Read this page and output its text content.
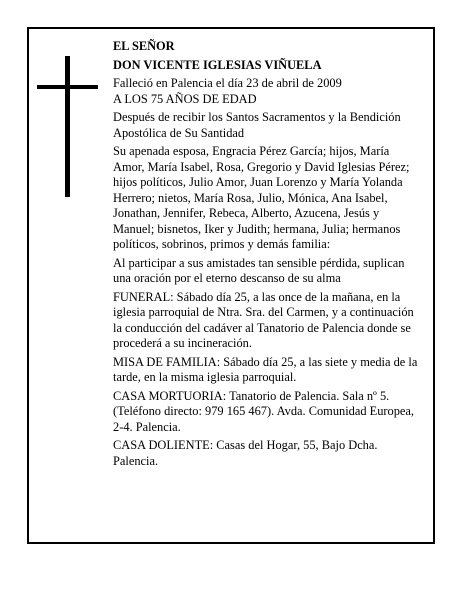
EL SEÑOR

DON VICENTE IGLESIAS VIÑUELA

Falleció en Palencia el día 23 de abril de 2009

A LOS 75 AÑOS DE EDAD

Después de recibir los Santos Sacramentos y la Bendición Apostólica de Su Santidad

Su apenada esposa, Engracia Pérez García; hijos, María Amor, María Isabel, Rosa, Gregorio y David Iglesias Pérez; hijos políticos, Julio Amor, Juan Lorenzo y María Yolanda Herrero; nietos, María Rosa, Julio, Mónica, Ana Isabel, Jonathan, Jennifer, Rebeca, Alberto, Azucena, Jesús y Manuel; bisnetos, Iker y Judith; hermana, Julia; hermanos políticos, sobrinos, primos y demás familia:

Al participar a sus amistades tan sensible pérdida, suplican una oración por el eterno descanso de su alma

FUNERAL: Sábado día 25, a las once de la mañana, en la iglesia parroquial de Ntra. Sra. del Carmen, y a continuación la conducción del cadáver al Tanatorio de Palencia donde se procederá a su incineración.

MISA DE FAMILIA: Sábado día 25, a las siete y media de la tarde, en la misma iglesia parroquial.

CASA MORTUORIA: Tanatorio de Palencia. Sala nº 5. (Teléfono directo: 979 165 467). Avda. Comunidad Europea, 2-4. Palencia.

CASA DOLIENTE: Casas del Hogar, 55, Bajo Dcha. Palencia.
